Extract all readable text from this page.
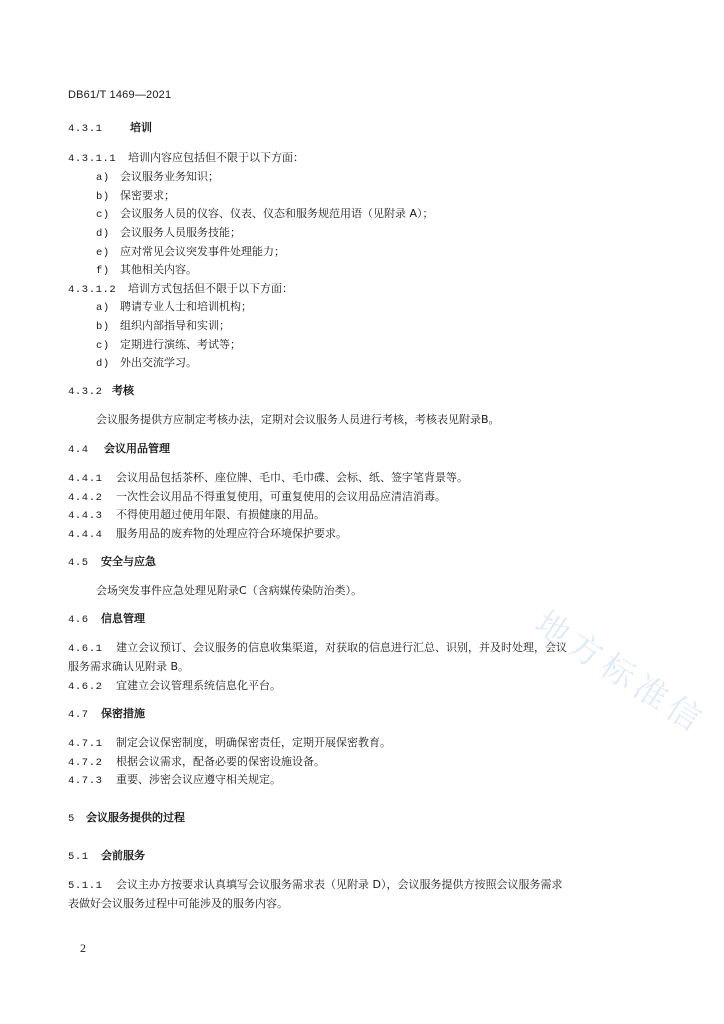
DB61/T 1469—2021
地方标准信
4.3.1 培训
4.3.1.1 培训内容应包括但不限于以下方面：
a) 会议服务业务知识；
b) 保密要求；
c) 会议服务人员的仪容、仪表、仪态和服务规范用语（见附录 A）；
d) 会议服务人员服务技能；
e) 应对常见会议突发事件处理能力；
f) 其他相关内容。
4.3.1.2 培训方式包括但不限于以下方面：
a) 聘请专业人士和培训机构；
b) 组织内部指导和实训；
c) 定期进行演练、考试等；
d) 外出交流学习。
4.3.2 考核
会议服务提供方应制定考核办法，定期对会议服务人员进行考核，考核表见附录B。
4.4 会议用品管理
4.4.1 会议用品包括茶杯、座位牌、毛巾、毛巾碟、会标、纸、签字笔背景等。
4.4.2 一次性会议用品不得重复使用，可重复使用的会议用品应清洁消毒。
4.4.3 不得使用超过使用年限、有损健康的用品。
4.4.4 服务用品的废弃物的处理应符合环境保护要求。
4.5 安全与应急
会场突发事件应急处理见附录C（含病媒传染防治类）。
4.6 信息管理
4.6.1 建立会议预订、会议服务的信息收集渠道，对获取的信息进行汇总、识别，并及时处理，会议
服务需求确认见附录 B。
4.6.2 宜建立会议管理系统信息化平台。
4.7 保密措施
4.7.1 制定会议保密制度，明确保密责任，定期开展保密教育。
4.7.2 根据会议需求，配备必要的保密设施设备。
4.7.3 重要、涉密会议应遵守相关规定。
5 会议服务提供的过程
5.1 会前服务
5.1.1 会议主办方按要求认真填写会议服务需求表（见附录 D），会议服务提供方按照会议服务需求
表做好会议服务过程中可能涉及的服务内容。
2
